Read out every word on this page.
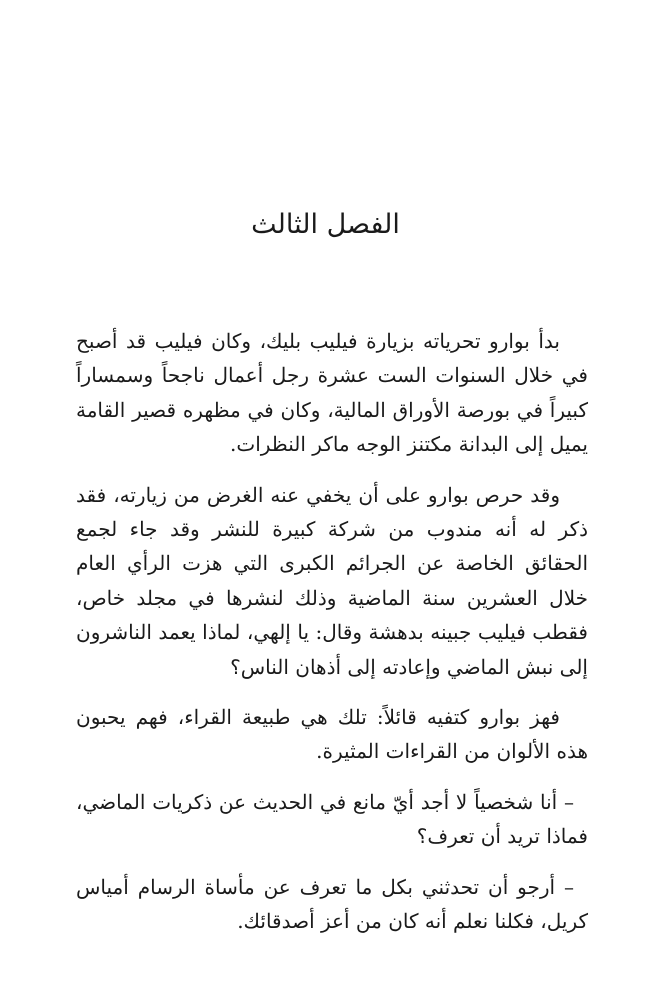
الفصل الثالث

بدأ بوارو تحرياته بزيارة فيليب بليك، وكان فيليب قد أصبح في خلال السنوات الست عشرة رجل أعمال ناجحاً وسمساراً كبيراً في بورصة الأوراق المالية، وكان في مظهره قصير القامة يميل إلى البدانة مكتنز الوجه ماكر النظرات.

وقد حرص بوارو على أن يخفي عنه الغرض من زيارته، فقد ذكر له أنه مندوب من شركة كبيرة للنشر وقد جاء لجمع الحقائق الخاصة عن الجرائم الكبرى التي هزت الرأي العام خلال العشرين سنة الماضية وذلك لنشرها في مجلد خاص، فقطب فيليب جبينه بدهشة وقال: يا إلهي، لماذا يعمد الناشرون إلى نبش الماضي وإعادته إلى أذهان الناس؟

فهز بوارو كتفيه قائلاً: تلك هي طبيعة القراء، فهم يحبون هذه الألوان من القراءات المثيرة.

– أنا شخصياً لا أجد أيّ مانع في الحديث عن ذكريات الماضي، فماذا تريد أن تعرف؟

– أرجو أن تحدثني بكل ما تعرف عن مأساة الرسام أمياس كريل، فكلنا نعلم أنه كان من أعز أصدقائك.
